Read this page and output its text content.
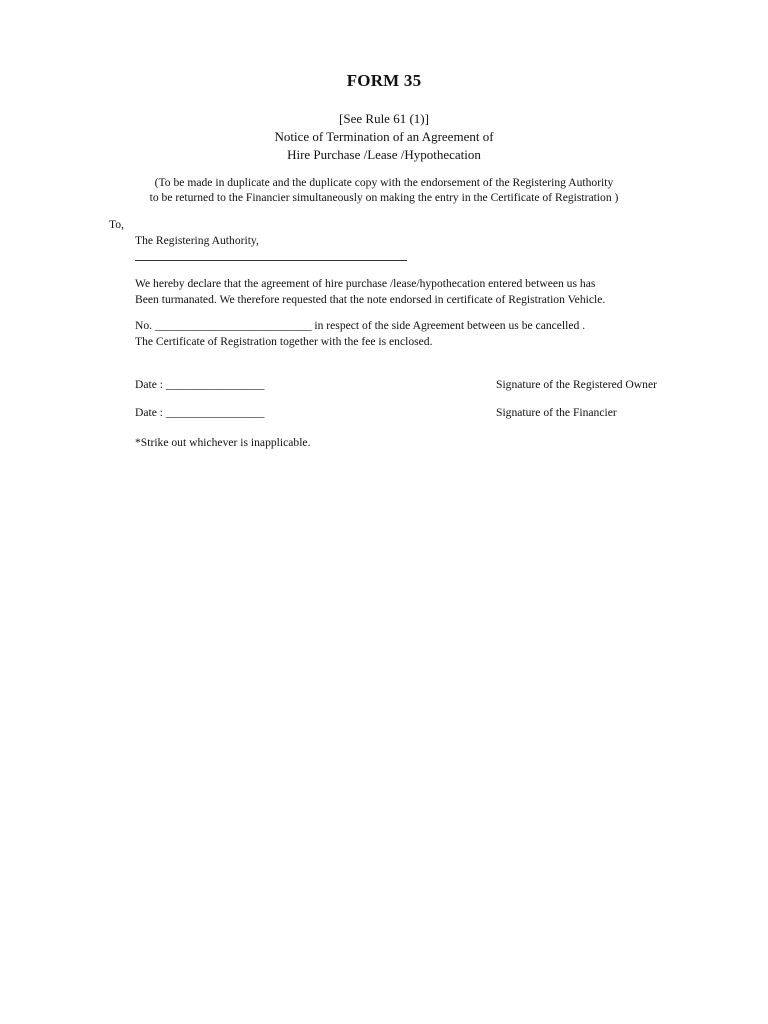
FORM 35
[See Rule 61 (1)]
Notice of Termination of an Agreement of
Hire Purchase /Lease /Hypothecation
(To be made in duplicate and the duplicate copy with the endorsement of the Registering Authority
to be returned to the Financier simultaneously on making the entry in the Certificate of Registration )
To,
The Registering Authority,
We hereby declare that the agreement of hire purchase /lease/hypothecation entered between us has
Been turmanated. We therefore requested that the note endorsed in certificate of Registration Vehicle.
No. ___________________________ in respect of the side Agreement between us be cancelled .
The Certificate of Registration together with the fee is enclosed.
Date : _________________	Signature of the Registered Owner
Date : _________________	Signature of the Financier
*Strike out whichever is inapplicable.
